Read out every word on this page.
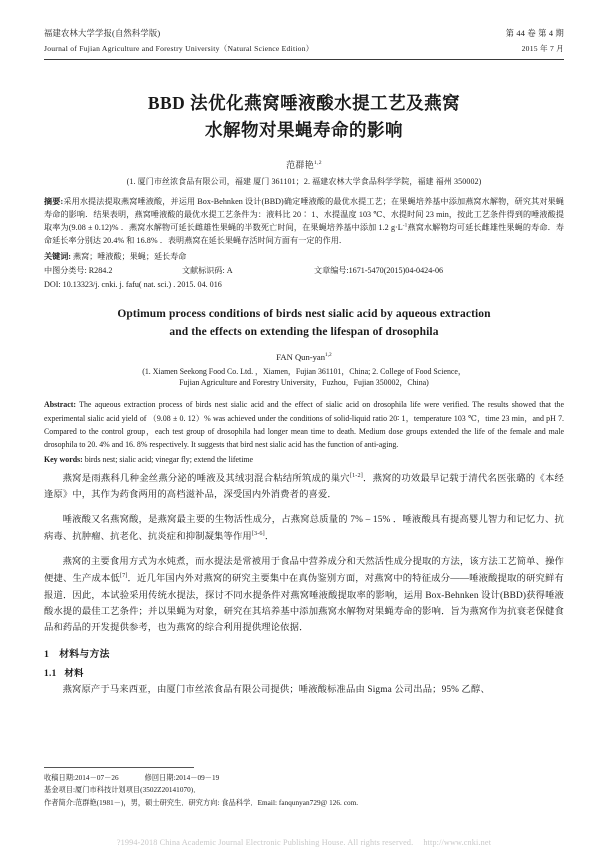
福建农林大学学报(自然科学版)
Journal of Fujian Agriculture and Forestry University（Natural Science Edition）
第 44 卷 第 4 期
2015 年 7 月
BBD 法优化燕窝唾液酸水提工艺及燕窝
水解物对果蝇寿命的影响
范群艳$^{1,2}$
(1. 厦门市丝浓食品有限公司，福建 厦门 361101；2. 福建农林大学食品科学学院，福建 福州 350002)
摘要:采用水提法提取燕窝唾液酸，并运用 Box-Behnken 设计(BBD)确定唾液酸的最优水提工艺；在果蝇培养基中添加燕窝水解物，研究其对果蝇寿命的影响．结果表明，燕窝唾液酸的最优水提工艺条件为：液料比 20∶ 1、水提温度 103 ℃、水提时间 23 min，按此工艺条件得到的唾液酸提取率为(9.08 ± 0.12)% ．燕窝水解物可延长雌雄性果蝇的半数死亡时间，在果蝇培养基中添加 1.2 g·L$^{-1}$燕窝水解物均可延长雌雄性果蝇的寿命．寿命延长率分别达 20.4% 和 16.8% ．表明燕窝在延长果蝇存活时间方面有一定的作用．
关键词: 燕窝；唾液酸；果蝇；延长寿命
中图分类号: R284.2	文献标识码: A	文章编号:1671-5470(2015)04-0424-06
DOI: 10.13323/j. cnki. j. fafu( nat. sci.) . 2015. 04. 016
Optimum process conditions of birds nest sialic acid by aqueous extraction
and the effects on extending the lifespan of drosophila
FAN Qun-yan$^{1,2}$
(1. Xiamen Seekong Food Co. Ltd. ，Xiamen，Fujian 361101，China; 2. College of Food Science，
Fujian Agriculture and Forestry University，Fuzhou，Fujian 350002，China)
Abstract: The aqueous extraction process of birds nest sialic acid and the effect of sialic acid on drosophila life were verified. The results showed that the experimental sialic acid yield of （9.08 ± 0. 12）% was achieved under the conditions of solid-liquid ratio 20∶ 1，temperature 103 ℃，time 23 min，and pH 7. Compared to the control group，each test group of drosophila had longer mean time to death. Medium dose groups extended the life of the female and male drosophila to 20. 4% and 16. 8% respectively. It suggests that bird nest sialic acid has the function of anti-aging.
Key words: birds nest; sialic acid; vinegar fly; extend the lifetime

燕窝是雨燕科几种金丝燕分泌的唾液及其绒羽混合粘结所筑成的巢穴[1-2]．燕窝的功效最早记载于清代名医张璐的《本经逢原》中，其作为药食两用的高档滋补品，深受国内外消费者的喜爱．

唾液酸又名燕窝酸，是燕窝最主要的生物活性成分，占燕窝总质量的 7% ‒ 15% ．唾液酸具有提高婴儿智力和记忆力、抗病毒、抗肿瘤、抗老化、抗炎症和抑制凝集等作用[3-6]．

燕窝的主要食用方式为水炖煮，而水提法是常被用于食品中营养成分和天然活性成分提取的方法，该方法工艺简单、操作便捷、生产成本低[7]．近几年国内外对燕窝的研究主要集中在真伪鉴别方面，对燕窝中的特征成分——唾液酸提取的研究鲜有报道．因此，本试验采用传统水提法，探讨不同水提条件对燕窝唾液酸提取率的影响，运用 Box-Behnken 设计(BBD)获得唾液酸水提的最佳工艺条件；并以果蝇为对象，研究在其培养基中添加燕窝水解物对果蝇寿命的影响．旨为燕窝作为抗衰老保健食品和药品的开发提供参考，也为燕窝的综合利用提供理论依据．

1 材料与方法
1.1 材料

燕窝原产于马来西亚，由厦门市丝浓食品有限公司提供；唾液酸标准品由 Sigma 公司出品；95% 乙醇、

收稿日期:2014－07－26	修回日期:2014－09－19
基金项目:厦门市科技计划项目(3502Z20141070)．
作者简介:范群艳(1981－)，男，硕士研究生．研究方向: 食品科学．Email: fanqunyan729@ 126. com.
?1994-2018 China Academic Journal Electronic Publishing House. All rights reserved. http://www.cnki.net
